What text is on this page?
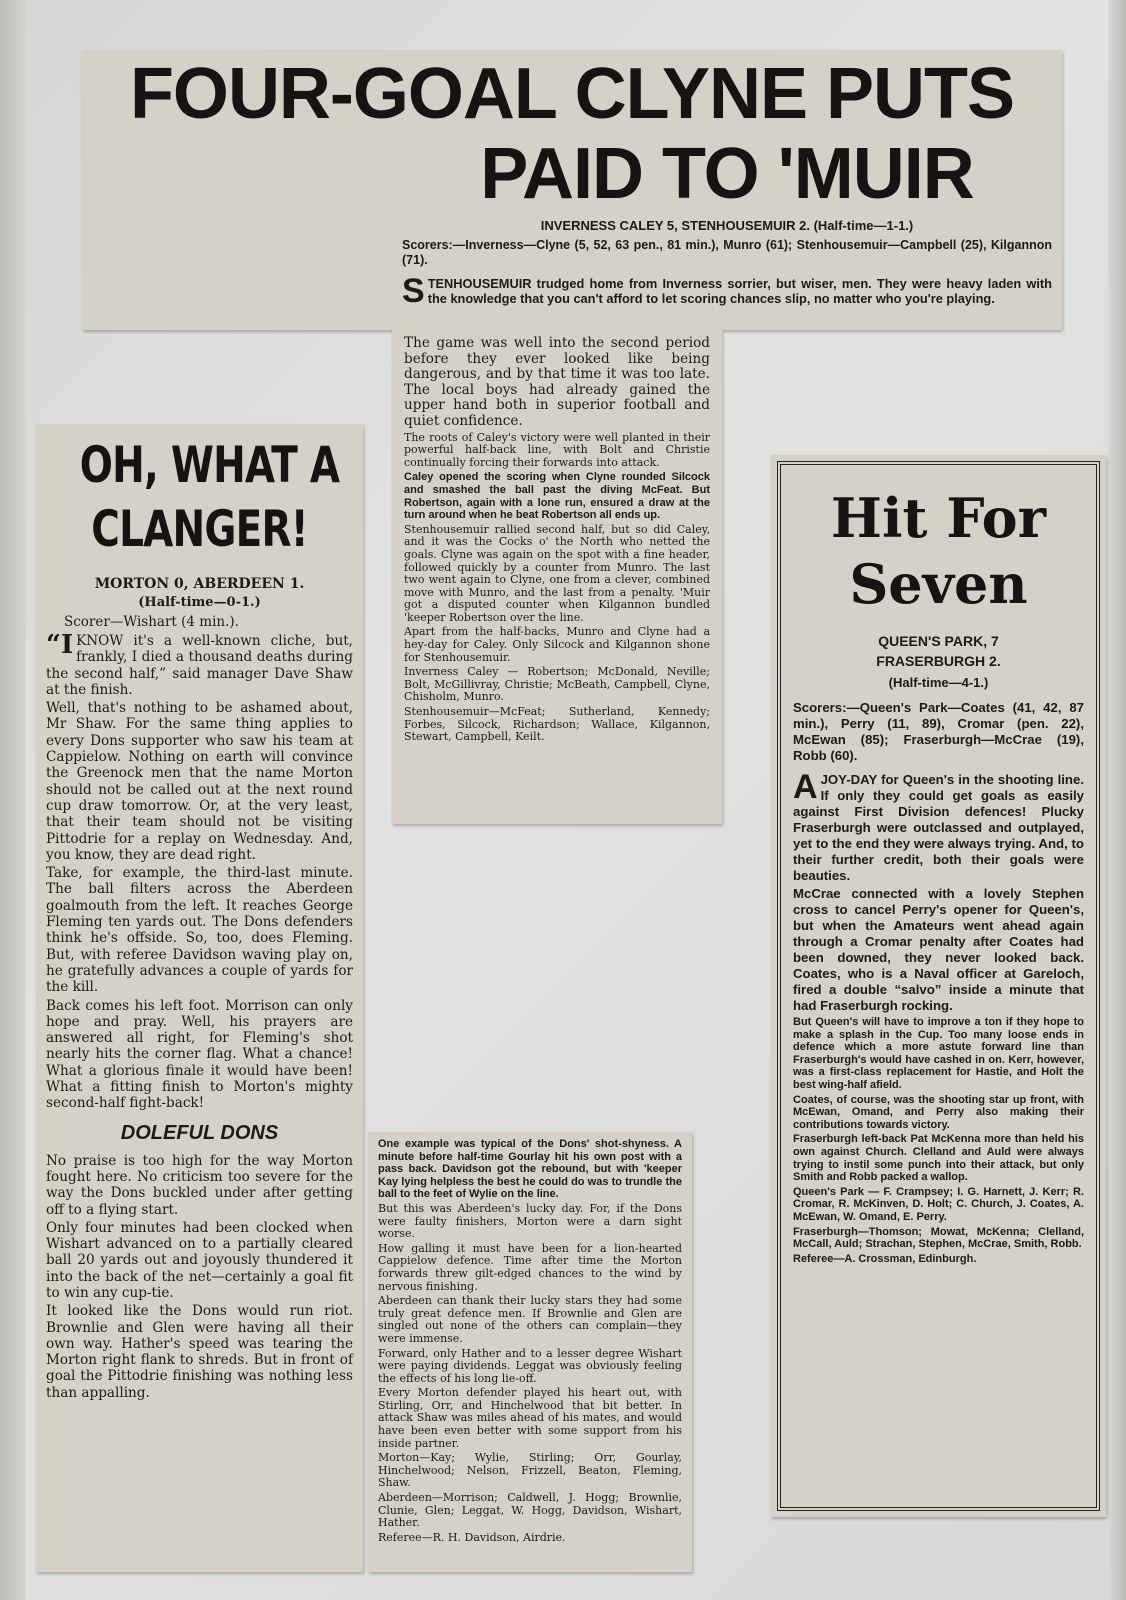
FOUR-GOAL CLYNE PUTS
PAID TO 'MUIR
INVERNESS CALEY 5, STENHOUSEMUIR 2. (Half-time—1-1.)
Scorers:—Inverness—Clyne (5, 52, 63 pen., 81 min.), Munro (61); Stenhousemuir—Campbell (25), Kilgannon (71).
S TENHOUSEMUIR trudged home from Inverness sorrier, but wiser, men. They were heavy laden with the knowledge that you can't afford to let scoring chances slip, no matter who you're playing.

The game was well into the second period before they ever looked like being dangerous, and by that time it was too late. The local boys had already gained the upper hand both in superior football and quiet confidence.

The roots of Caley's victory were well planted in their powerful half-back line, with Bolt and Christie continually forcing their forwards into attack.

Caley opened the scoring when Clyne rounded Silcock and smashed the ball past the diving McFeat. But Robertson, again with a lone run, ensured a draw at the turn around when he beat Robertson all ends up.

Stenhousemuir rallied second half, but so did Caley, and it was the Cocks o' the North who netted the goals. Clyne was again on the spot with a fine header, followed quickly by a counter from Munro. The last two went again to Clyne, one from a clever, combined move with Munro, and the last from a penalty. 'Muir got a disputed counter when Kilgannon bundled 'keeper Robertson over the line.

Apart from the half-backs, Munro and Clyne had a hey-day for Caley. Only Silcock and Kilgannon shone for Stenhousemuir.

Inverness Caley — Robertson; McDonald, Neville; Bolt, McGillivray, Christie; McBeath, Campbell, Clyne, Chisholm, Munro.

Stenhousemuir—McFeat; Sutherland, Kennedy; Forbes, Silcock, Richardson; Wallace, Kilgannon, Stewart, Campbell, Keilt.

OH, WHAT A
CLANGER!
MORTON 0, ABERDEEN 1.
(Half-time—0-1.)
Scorer—Wishart (4 min.).

“I KNOW it's a well-known cliche, but, frankly, I died a thousand deaths during the second half,” said manager Dave Shaw at the finish.

Well, that's nothing to be ashamed about, Mr Shaw. For the same thing applies to every Dons supporter who saw his team at Cappielow. Nothing on earth will convince the Greenock men that the name Morton should not be called out at the next round cup draw tomorrow. Or, at the very least, that their team should not be visiting Pittodrie for a replay on Wednesday. And, you know, they are dead right.

Take, for example, the third-last minute. The ball filters across the Aberdeen goalmouth from the left. It reaches George Fleming ten yards out. The Dons defenders think he's offside. So, too, does Fleming. But, with referee Davidson waving play on, he gratefully advances a couple of yards for the kill.

Back comes his left foot. Morrison can only hope and pray. Well, his prayers are answered all right, for Fleming's shot nearly hits the corner flag. What a chance! What a glorious finale it would have been! What a fitting finish to Morton's mighty second-half fight-back!

DOLEFUL DONS

No praise is too high for the way Morton fought here. No criticism too severe for the way the Dons buckled under after getting off to a flying start.

Only four minutes had been clocked when Wishart advanced on to a partially cleared ball 20 yards out and joyously thundered it into the back of the net—certainly a goal fit to win any cup-tie.

It looked like the Dons would run riot. Brownlie and Glen were having all their own way. Hather's speed was tearing the Morton right flank to shreds. But in front of goal the Pittodrie finishing was nothing less than appalling.

One example was typical of the Dons' shot-shyness. A minute before half-time Gourlay hit his own post with a pass back. Davidson got the rebound, but with 'keeper Kay lying helpless the best he could do was to trundle the ball to the feet of Wylie on the line.

But this was Aberdeen's lucky day. For, if the Dons were faulty finishers, Morton were a darn sight worse.

How galling it must have been for a lion-hearted Cappielow defence. Time after time the Morton forwards threw gilt-edged chances to the wind by nervous finishing.

Aberdeen can thank their lucky stars they had some truly great defence men. If Brownlie and Glen are singled out none of the others can complain—they were immense.

Forward, only Hather and to a lesser degree Wishart were paying dividends. Leggat was obviously feeling the effects of his long lie-off.

Every Morton defender played his heart out, with Stirling, Orr, and Hinchelwood that bit better. In attack Shaw was miles ahead of his mates, and would have been even better with some support from his inside partner.

Morton—Kay; Wylie, Stirling; Orr, Gourlay, Hinchelwood; Nelson, Frizzell, Beaton, Fleming, Shaw.

Aberdeen—Morrison; Caldwell, J. Hogg; Brownlie, Clunie, Glen; Leggat, W. Hogg, Davidson, Wishart, Hather.

Referee—R. H. Davidson, Airdrie.

Hit For
Seven
QUEEN'S PARK, 7
FRASERBURGH 2.
(Half-time—4-1.)

Scorers:—Queen's Park—Coates (41, 42, 87 min.), Perry (11, 89), Cromar (pen. 22), McEwan (85); Fraserburgh—McCrae (19), Robb (60).

A JOY-DAY for Queen's in the shooting line. If only they could get goals as easily against First Division defences! Plucky Fraserburgh were outclassed and outplayed, yet to the end they were always trying. And, to their further credit, both their goals were beauties.

McCrae connected with a lovely Stephen cross to cancel Perry's opener for Queen's, but when the Amateurs went ahead again through a Cromar penalty after Coates had been downed, they never looked back. Coates, who is a Naval officer at Gareloch, fired a double “salvo” inside a minute that had Fraserburgh rocking.

But Queen's will have to improve a ton if they hope to make a splash in the Cup. Too many loose ends in defence which a more astute forward line than Fraserburgh's would have cashed in on. Kerr, however, was a first-class replacement for Hastie, and Holt the best wing-half afield.

Coates, of course, was the shooting star up front, with McEwan, Omand, and Perry also making their contributions towards victory.

Fraserburgh left-back Pat McKenna more than held his own against Church. Clelland and Auld were always trying to instil some punch into their attack, but only Smith and Robb packed a wallop.

Queen's Park — F. Crampsey; I. G. Harnett, J. Kerr; R. Cromar, R. McKinven, D. Holt; C. Church, J. Coates, A. McEwan, W. Omand, E. Perry.

Fraserburgh—Thomson; Mowat, McKenna; Clelland, McCall, Auld; Strachan, Stephen, McCrae, Smith, Robb.

Referee—A. Crossman, Edinburgh.
